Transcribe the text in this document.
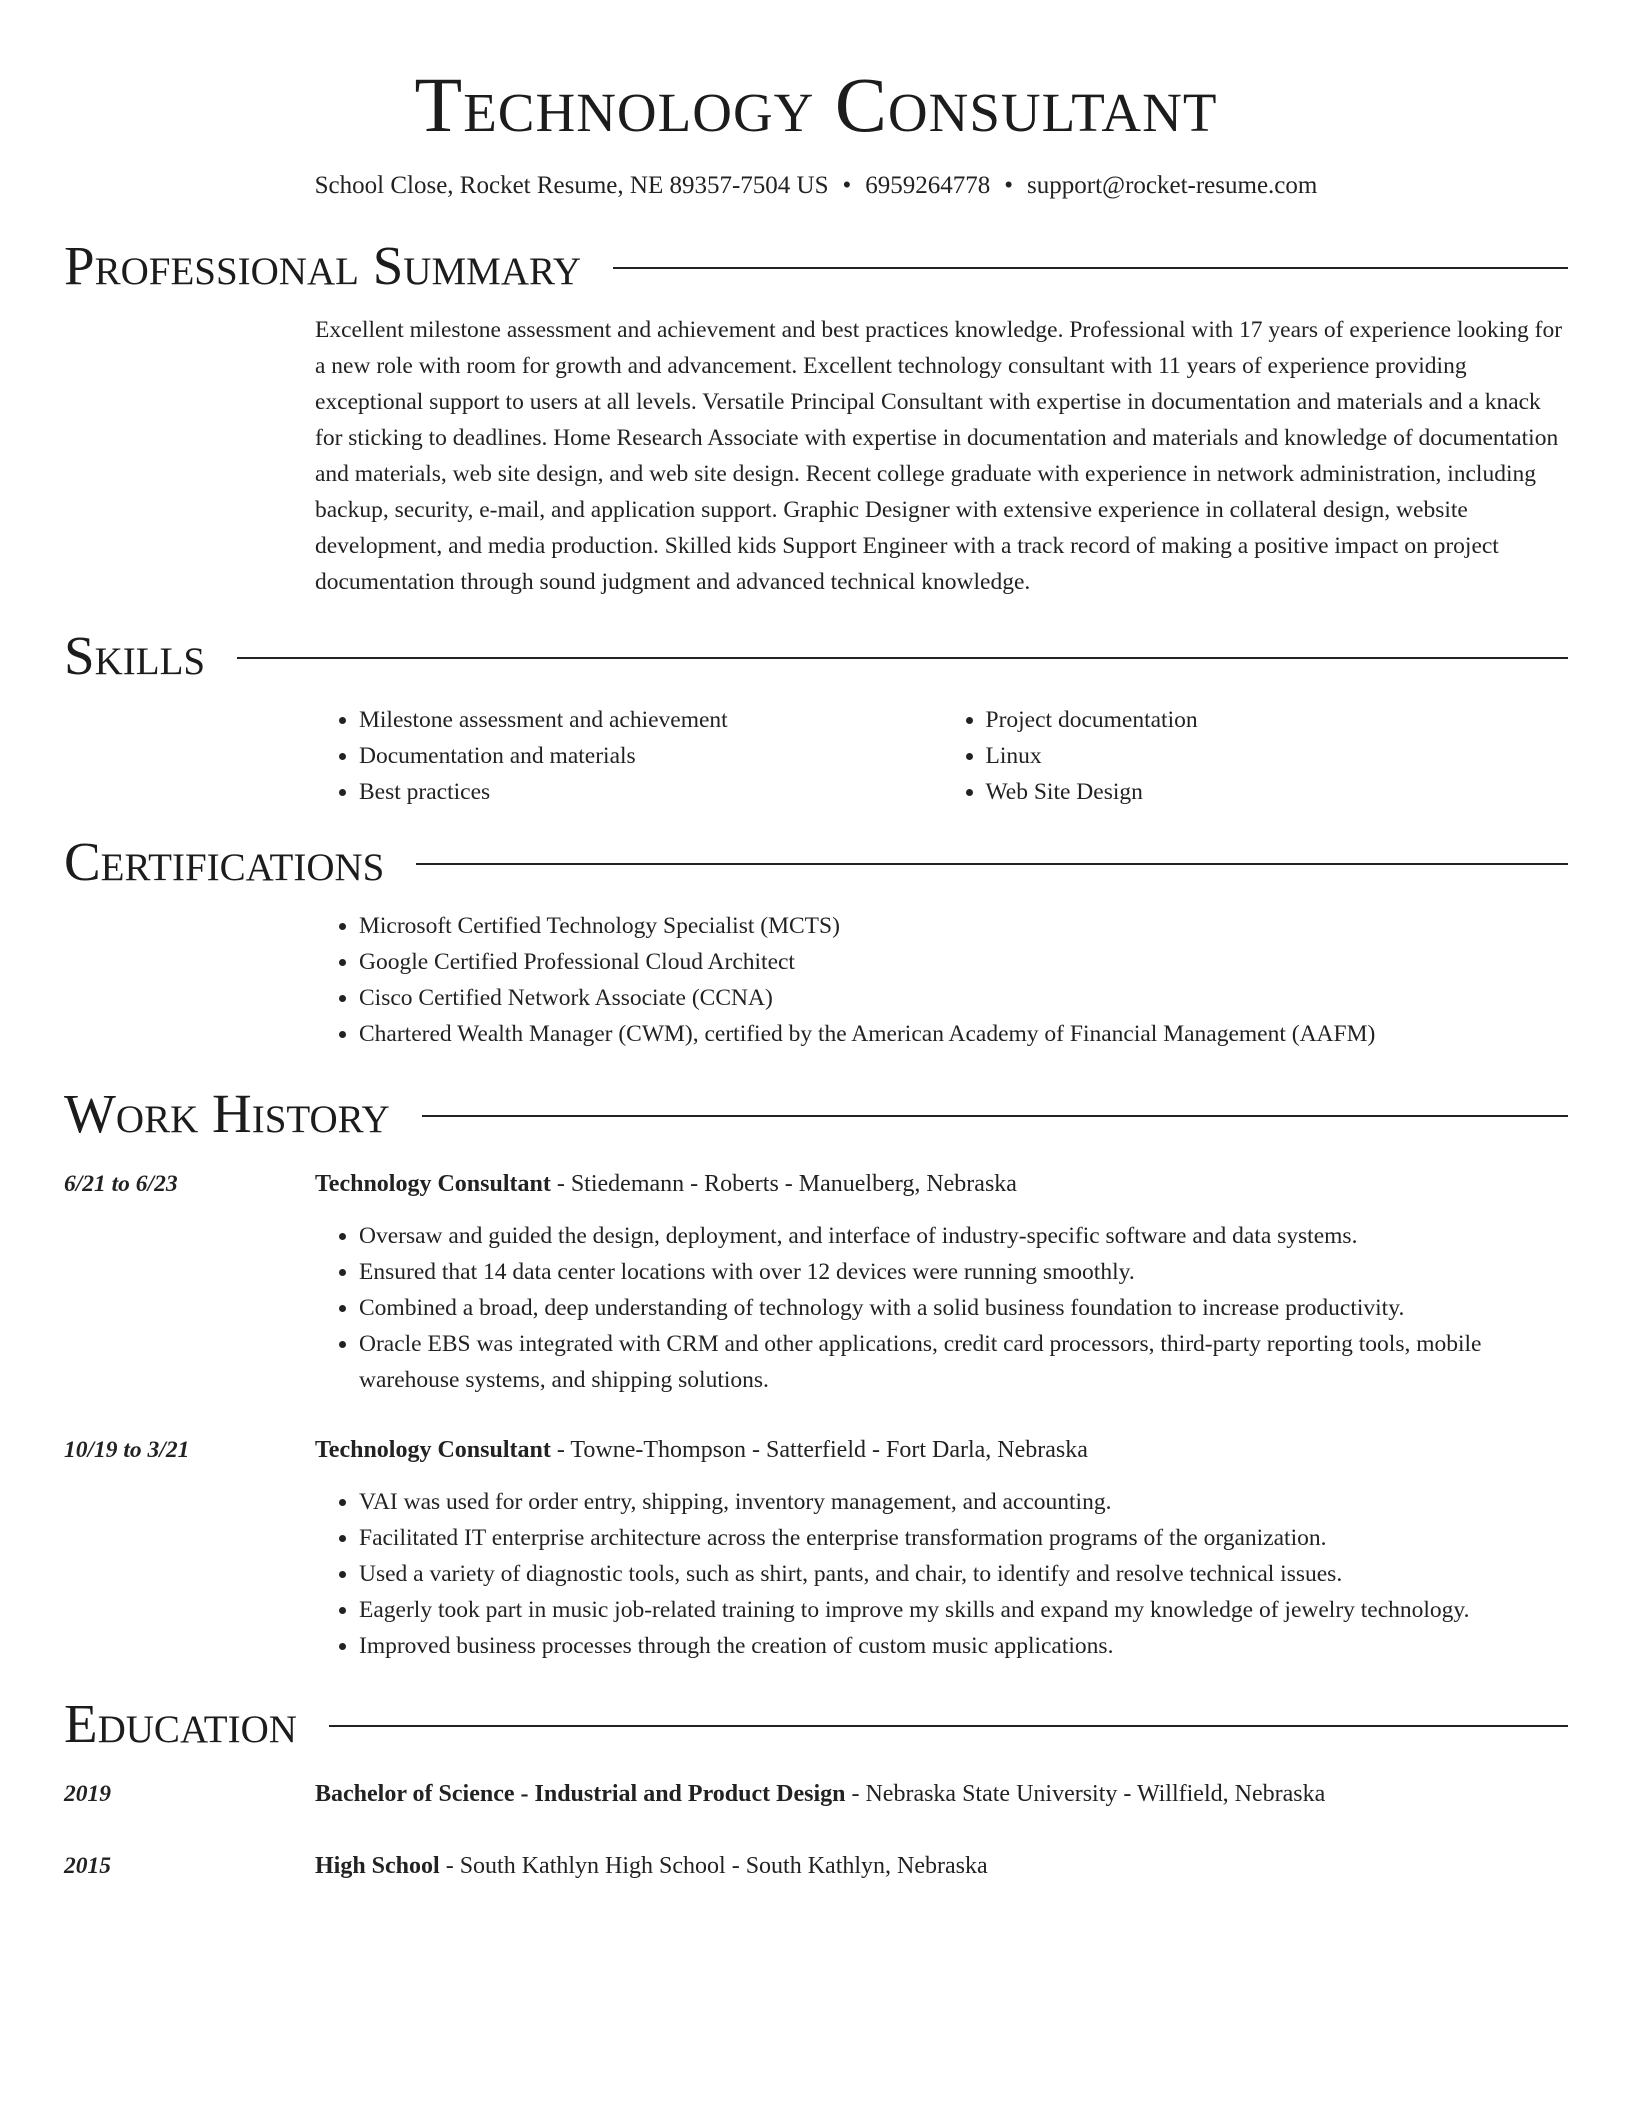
Technology Consultant
School Close, Rocket Resume, NE 89357-7504 US • 6959264778 • support@rocket-resume.com
Professional Summary
Excellent milestone assessment and achievement and best practices knowledge. Professional with 17 years of experience looking for a new role with room for growth and advancement. Excellent technology consultant with 11 years of experience providing exceptional support to users at all levels. Versatile Principal Consultant with expertise in documentation and materials and a knack for sticking to deadlines. Home Research Associate with expertise in documentation and materials and knowledge of documentation and materials, web site design, and web site design. Recent college graduate with experience in network administration, including backup, security, e-mail, and application support. Graphic Designer with extensive experience in collateral design, website development, and media production. Skilled kids Support Engineer with a track record of making a positive impact on project documentation through sound judgment and advanced technical knowledge.
Skills
• Milestone assessment and achievement
• Documentation and materials
• Best practices
• Project documentation
• Linux
• Web Site Design
Certifications
• Microsoft Certified Technology Specialist (MCTS)
• Google Certified Professional Cloud Architect
• Cisco Certified Network Associate (CCNA)
• Chartered Wealth Manager (CWM), certified by the American Academy of Financial Management (AAFM)
Work History
6/21 to 6/23	Technology Consultant - Stiedemann - Roberts - Manuelberg, Nebraska
• Oversaw and guided the design, deployment, and interface of industry-specific software and data systems.
• Ensured that 14 data center locations with over 12 devices were running smoothly.
• Combined a broad, deep understanding of technology with a solid business foundation to increase productivity.
• Oracle EBS was integrated with CRM and other applications, credit card processors, third-party reporting tools, mobile warehouse systems, and shipping solutions.
10/19 to 3/21	Technology Consultant - Towne-Thompson - Satterfield - Fort Darla, Nebraska
• VAI was used for order entry, shipping, inventory management, and accounting.
• Facilitated IT enterprise architecture across the enterprise transformation programs of the organization.
• Used a variety of diagnostic tools, such as shirt, pants, and chair, to identify and resolve technical issues.
• Eagerly took part in music job-related training to improve my skills and expand my knowledge of jewelry technology.
• Improved business processes through the creation of custom music applications.
Education
2019	Bachelor of Science - Industrial and Product Design - Nebraska State University - Willfield, Nebraska
2015	High School - South Kathlyn High School - South Kathlyn, Nebraska
